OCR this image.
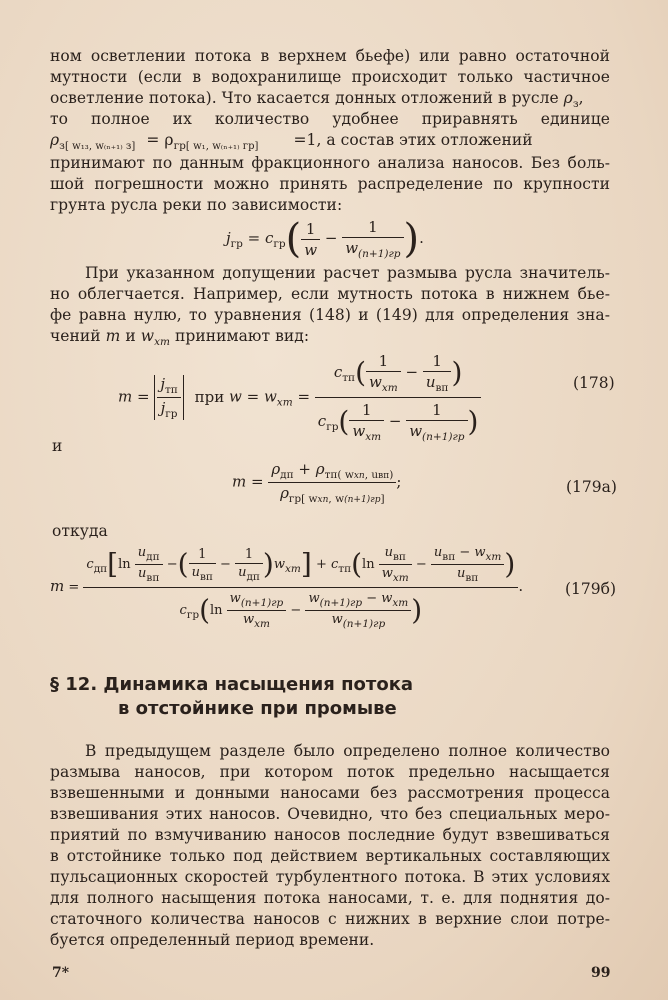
ном осветлении потока в верхнем бьефе) или равно остаточной
мутности (если в водохранилище происходит только частичное
осветление потока). Что касается донных отложений в русле $\rho_з$,
то полное их количество удобнее приравнять единице
$\rho_{з[ w_{13}, w_{(n+1)} з]} = \rho_{гр[ w_1, w_{(n+1)} гр]} =1$, а состав этих отложений
принимают по данным фракционного анализа наносов. Без боль-
шой погрешности можно принять распределение по крупности
грунта русла реки по зависимости:
$j_{гр} = c_{гр}( \frac{1}{w} - \frac{1}{w_{(n+1)гр}}$ ).
При указанном допущении расчет размыва русла значитель-
но облегчается. Например, если мутность потока в нижнем бье-
фе равна нулю, то уравнения (148) и (149) для определения зна-
чений m и $w_{xm}$ принимают вид:
$m = \frac{j_{тп}}{j_{гр}}$ при $w = w_{xm} = \frac{c_{тп}( \frac{1}{w_{xm}} - \frac{1}{u_{вп}} )}{c_{гр}( \frac{1}{w_{xm}} - \frac{1}{w_{(n+1)гр}} )}$	(178)
и
$m = \frac{\rho_{дп} + \rho_{тп( wxп, uвп)}}{\rho_{гр[ wxп, w(n+1)гр]}}$ ;	(179a)
откуда
m =
$c_{дп}[\ln \frac{u_{дп}}{u_{вп}}$ −( $\frac{1}{u_{вп}} - \frac{1}{u_{дп}} )w_{xm}] + c_{тп}(\ln \frac{u_{вп}}{w_{xm}} - \frac{u_{вп} - w_{xm}}{u_{вп}}$ )
$c_{гр}(\ln \frac{w_{(n+1)гр}}{w_{xm}} - \frac{w_{(n+1)гр} - w_{xm}}{w_{(n+1)гр}}$ )
.	(179б)
§ 12. Динамика насыщения потока
в отстойнике при промыве
В предыдущем разделе было определено полное количество
размыва наносов, при котором поток предельно насыщается
взвешенными и донными наносами без рассмотрения процесса
взвешивания этих наносов. Очевидно, что без специальных меро-
приятий по взмучиванию наносов последние будут взвешиваться
в отстойнике только под действием вертикальных составляющих
пульсационных скоростей турбулентного потока. В этих условиях
для полного насыщения потока наносами, т. е. для поднятия до-
статочного количества наносов с нижних в верхние слои потре-
буется определенный период времени.
7*	99
